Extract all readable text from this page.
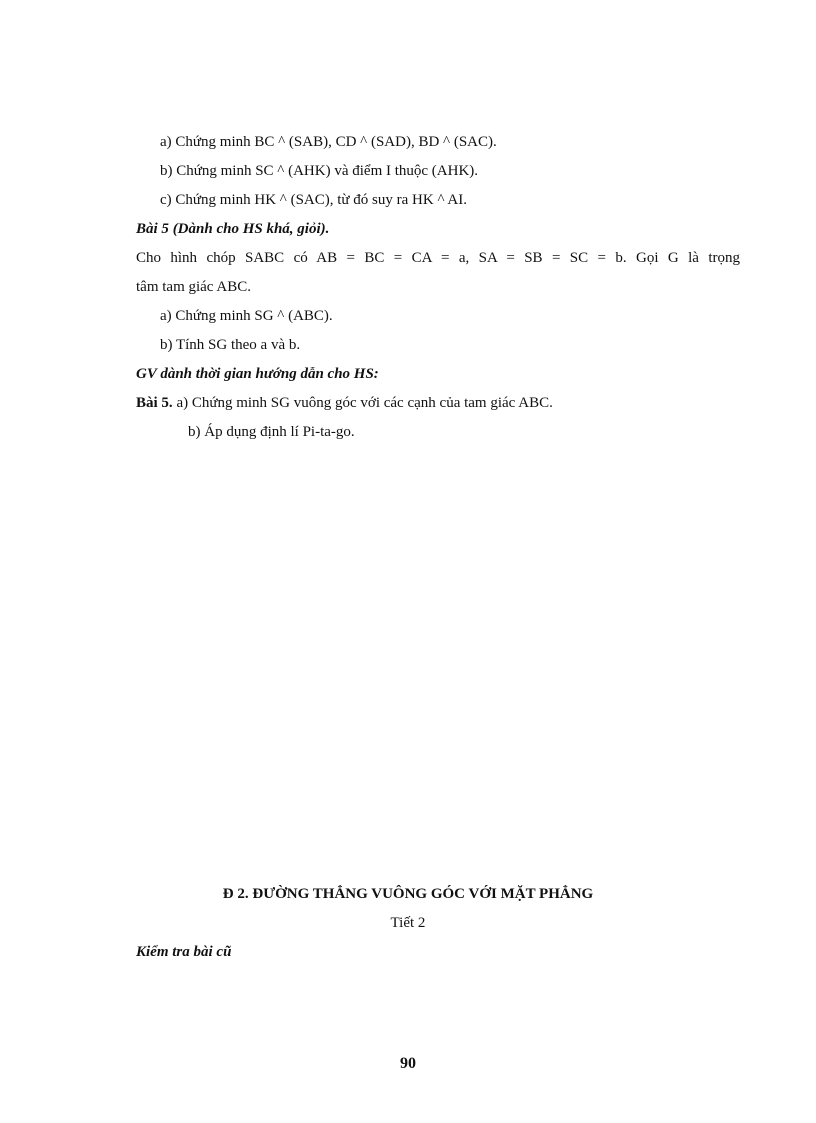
a) Chứng minh BC ^ (SAB), CD ^ (SAD), BD ^ (SAC).
b) Chứng minh SC ^ (AHK) và điểm I thuộc (AHK).
c) Chứng minh HK ^ (SAC), từ đó suy ra HK ^ AI.
Bài 5 (Dành cho HS khá, giỏi).
Cho hình chóp SABC có AB = BC = CA = a, SA = SB = SC = b. Gọi G là trọng
tâm tam giác ABC.
a) Chứng minh SG ^ (ABC).
b) Tính SG theo a và b.
GV dành thời gian hướng dẫn cho HS:
Bài 5. a) Chứng minh SG vuông góc với các cạnh của tam giác ABC.
b) Áp dụng định lí Pi-ta-go.
Đ 2. ĐƯỜNG THẲNG VUÔNG GÓC VỚI MẶT PHẲNG
Tiết 2
Kiểm tra bài cũ
90
